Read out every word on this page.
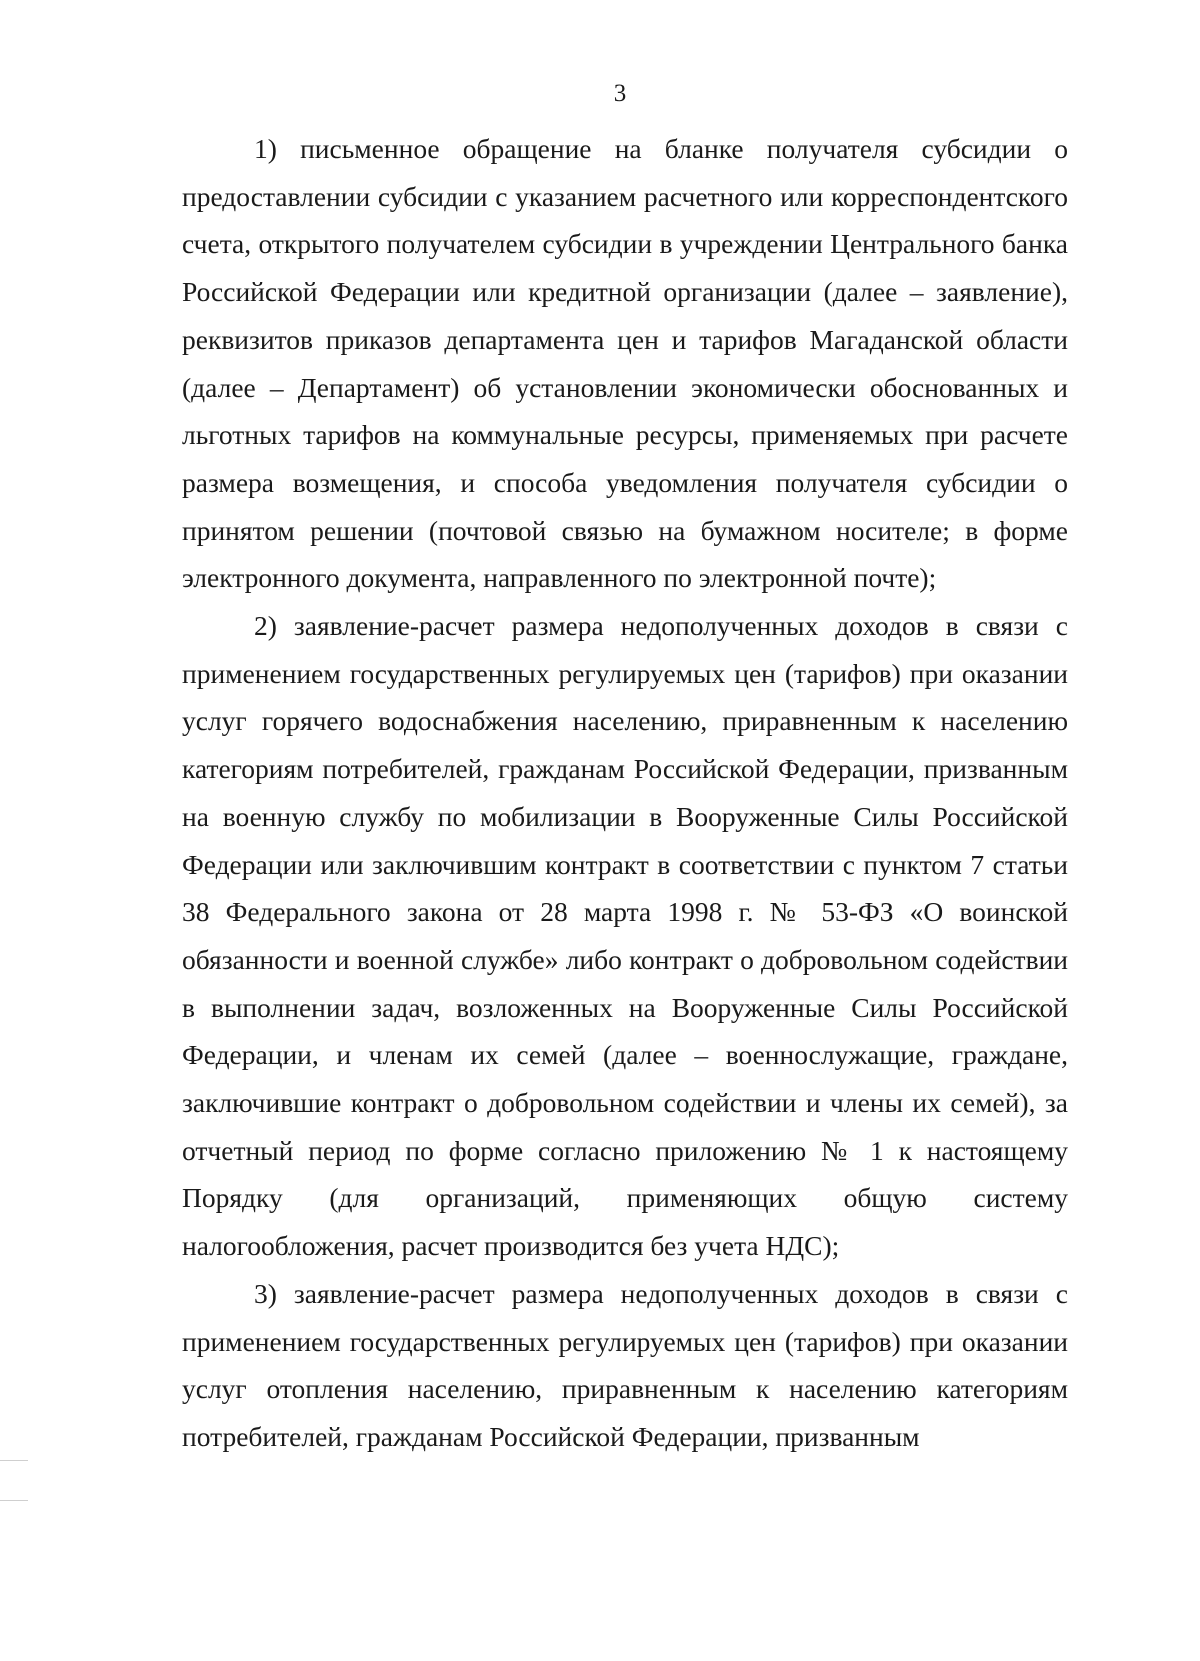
3

1) письменное обращение на бланке получателя субсидии о предоставлении субсидии с указанием расчетного или корреспондентского счета, открытого получателем субсидии в учреждении Центрального банка Российской Федерации или кредитной организации (далее – заявление), реквизитов приказов департамента цен и тарифов Магаданской области (далее – Департамент) об установлении экономически обоснованных и льготных тарифов на коммунальные ресурсы, применяемых при расчете размера возмещения, и способа уведомления получателя субсидии о принятом решении (почтовой связью на бумажном носителе; в форме электронного документа, направленного по электронной почте);

2) заявление-расчет размера недополученных доходов в связи с применением государственных регулируемых цен (тарифов) при оказании услуг горячего водоснабжения населению, приравненным к населению категориям потребителей, гражданам Российской Федерации, призванным на военную службу по мобилизации в Вооруженные Силы Российской Федерации или заключившим контракт в соответствии с пунктом 7 статьи 38 Федерального закона от 28 марта 1998 г. № 53-ФЗ «О воинской обязанности и военной службе» либо контракт о добровольном содействии в выполнении задач, возложенных на Вооруженные Силы Российской Федерации, и членам их семей (далее – военнослужащие, граждане, заключившие контракт о добровольном содействии и члены их семей), за отчетный период по форме согласно приложению № 1 к настоящему Порядку (для организаций, применяющих общую систему налогообложения, расчет производится без учета НДС);

3) заявление-расчет размера недополученных доходов в связи с применением государственных регулируемых цен (тарифов) при оказании услуг отопления населению, приравненным к населению категориям потребителей, гражданам Российской Федерации, призванным
